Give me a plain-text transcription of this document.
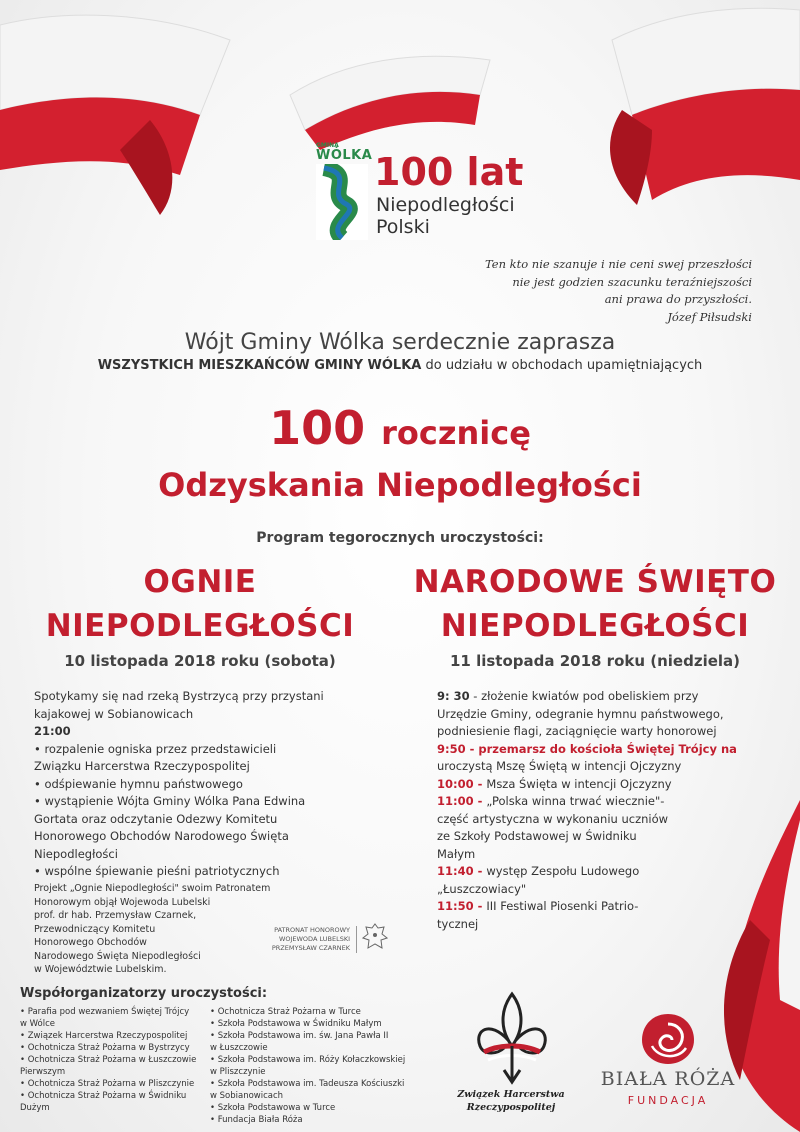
GMINA
WÓLKA 100 lat
Niepodległości
Polski
Ten kto nie szanuje i nie ceni swej przeszłości
nie jest godzien szacunku teraźniejszości
ani prawa do przyszłości.
Józef Piłsudski
Wójt Gminy Wólka serdecznie zaprasza
WSZYSTKICH MIESZKAŃCÓW GMINY WÓLKA do udziału w obchodach upamiętniających
100 rocznicę
Odzyskania Niepodległości
Program tegorocznych uroczystości:
OGNIE
NIEPODLEGŁOŚCI
10 listopada 2018 roku (sobota)
Spotykamy się nad rzeką Bystrzycą przy przystani
kajakowej w Sobianowicach
21:00
• rozpalenie ogniska przez przedstawicieli
Związku Harcerstwa Rzeczypospolitej
• odśpiewanie hymnu państwowego
• wystąpienie Wójta Gminy Wólka Pana Edwina
Gortata oraz odczytanie Odezwy Komitetu
Honorowego Obchodów Narodowego Święta
Niepodległości
• wspólne śpiewanie pieśni patriotycznych
Projekt „Ognie Niepodległości" swoim Patronatem
Honorowym objął Wojewoda Lubelski
prof. dr hab. Przemysław Czarnek,
Przewodniczący Komitetu
Honorowego Obchodów
Narodowego Święta Niepodległości
w Województwie Lubelskim.
PATRONAT HONOROWY
WOJEWODA LUBELSKI
PRZEMYSŁAW CZARNEK
NARODOWE ŚWIĘTO
NIEPODLEGŁOŚCI
11 listopada 2018 roku (niedziela)
9: 30 - złożenie kwiatów pod obeliskiem przy
Urzędzie Gminy, odegranie hymnu państwowego,
podniesienie flagi, zaciągnięcie warty honorowej
9:50 - przemarsz do kościoła Świętej Trójcy na
uroczystą Mszę Świętą w intencji Ojczyzny
10:00 - Msza Święta w intencji Ojczyzny
11:00 - „Polska winna trwać wiecznie"-
część artystyczna w wykonaniu uczniów
ze Szkoły Podstawowej w Świdniku
Małym
11:40 - występ Zespołu Ludowego
„Łuszczowiacy"
11:50 - III Festiwal Piosenki Patrio-
tycznej
Współorganizatorzy uroczystości:
• Parafia pod wezwaniem Świętej Trójcy
w Wólce
• Związek Harcerstwa Rzeczypospolitej
• Ochotnicza Straż Pożarna w Bystrzycy
• Ochotnicza Straż Pożarna w Łuszczowie
Pierwszym
• Ochotnicza Straż Pożarna w Pliszczynie
• Ochotnicza Straż Pożarna w Świdniku
Dużym
• Ochotnicza Straż Pożarna w Turce
• Szkoła Podstawowa w Świdniku Małym
• Szkoła Podstawowa im. św. Jana Pawła II
w Łuszczowie
• Szkoła Podstawowa im. Róży Kołaczkowskiej
w Pliszczynie
• Szkoła Podstawowa im. Tadeusza Kościuszki
w Sobianowicach
• Szkoła Podstawowa w Turce
• Fundacja Biała Róża
Związek Harcerstwa
Rzeczypospolitej
BIAŁA RÓŻA
FUNDACJA
